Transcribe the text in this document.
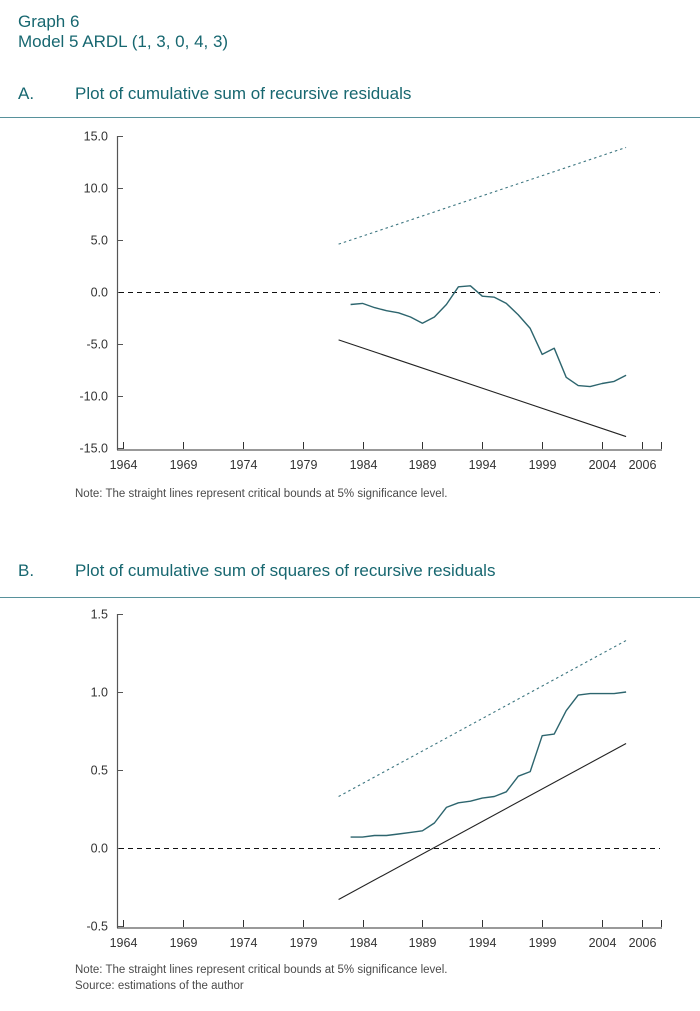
Graph 6
Model 5 ARDL (1, 3, 0, 4, 3)
A. Plot of cumulative sum of recursive residuals
1964	1969	1974	1979	1984 1989	1994	1999	2004 2006
15.0
10.0
5.0
0.0
-5.0
-10.0
-15.0
Note: The straight lines represent critical bounds at 5% significance level.
B. Plot of cumulative sum of squares of recursive residuals
1964	1969	1974	1979	1984 1989	1994	1999	2004 2006
1.5
1.0
0.5
0.0
-0.5
Note: The straight lines represent critical bounds at 5% significance level.
Source: estimations of the author
